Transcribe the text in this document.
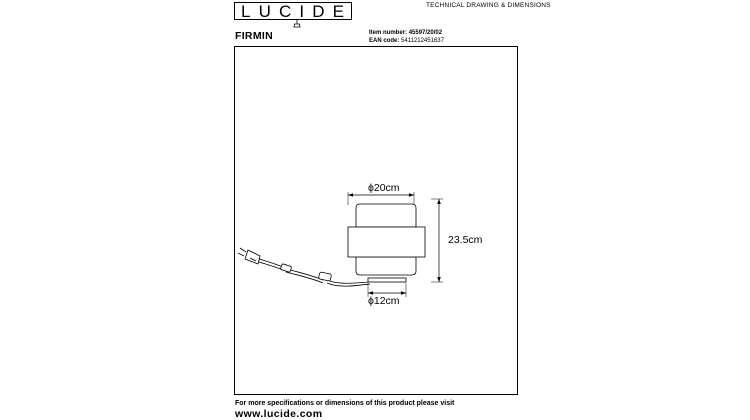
L U C I D E	TECHNICAL DRAWING & DIMENSIONS
FIRMIN	Item number: 45597/20/02
EAN code: 5411212451637
ϕ20cm
23.5cm
ϕ12cm
For more specifications or dimensions of this product please visit
www.lucide.com
